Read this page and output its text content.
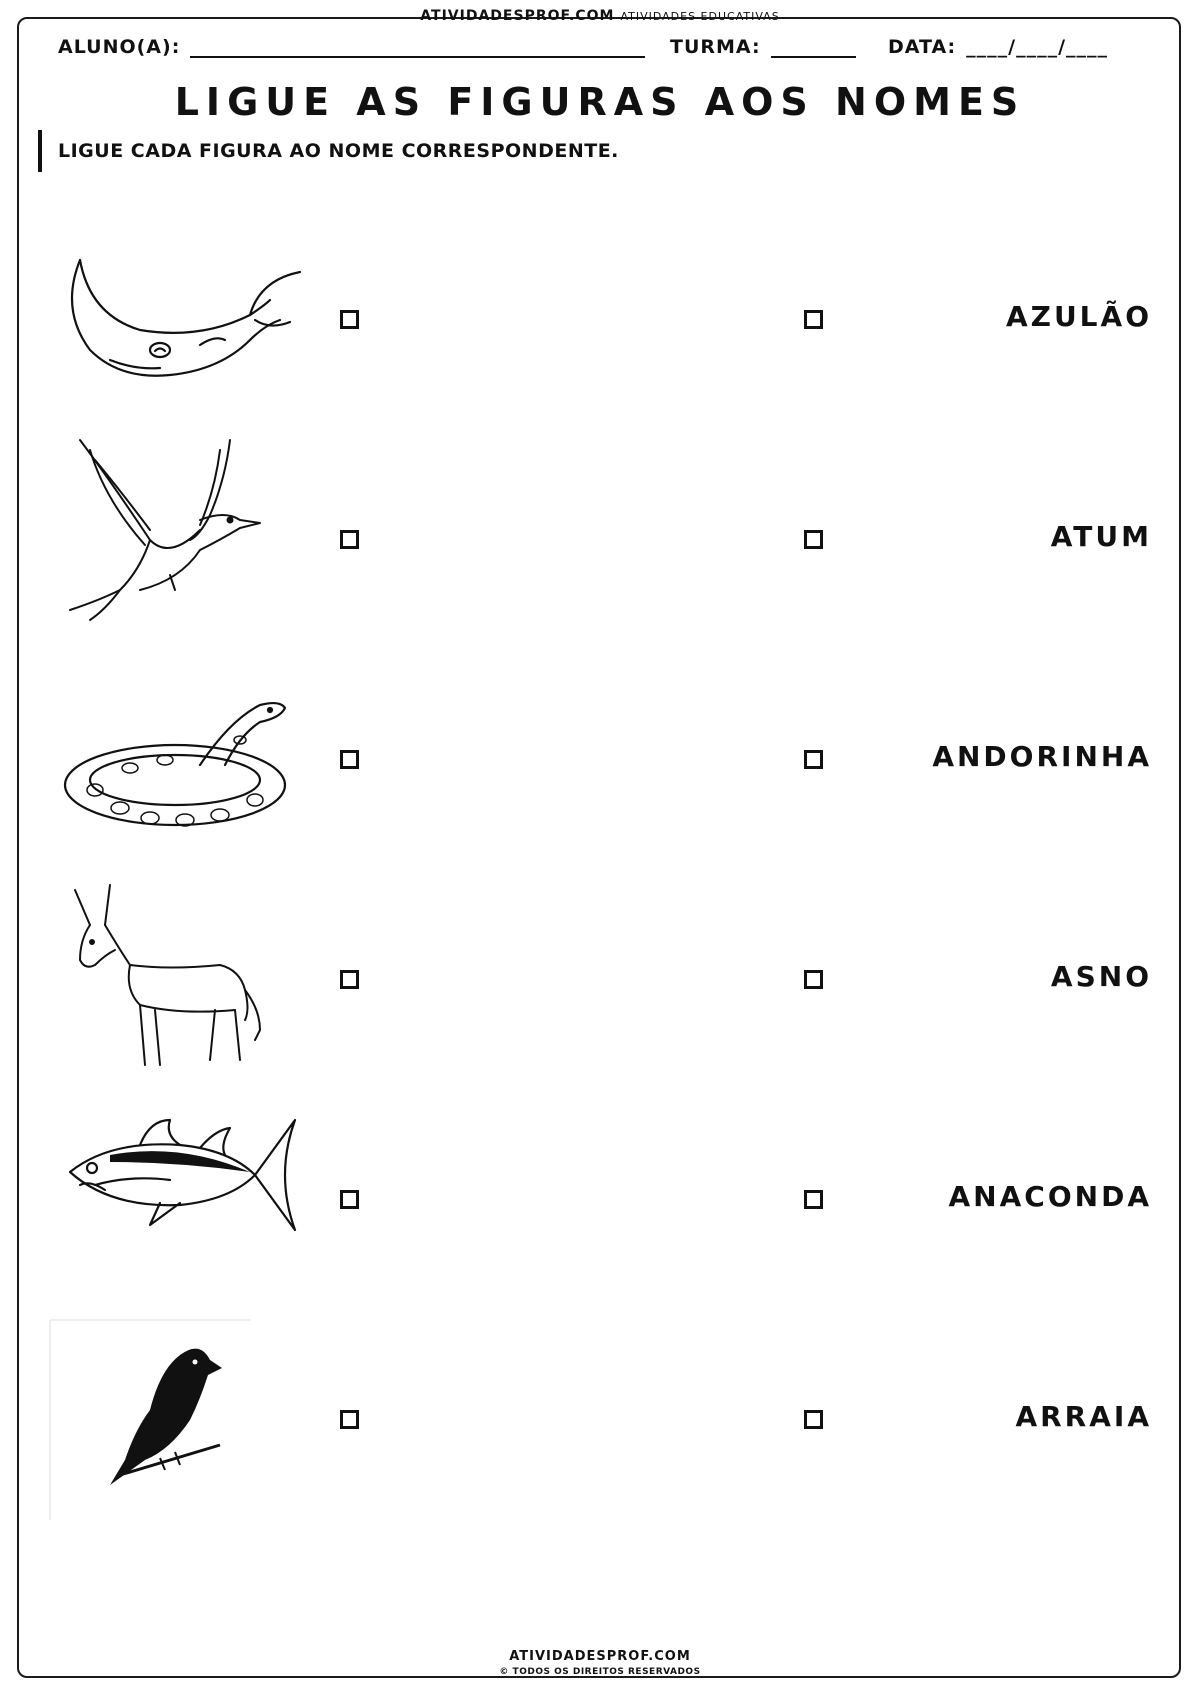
ATIVIDADESPROF.COM ATIVIDADES EDUCATIVAS
ALUNO(A):	TURMA:	DATA: ____/____/____
LIGUE AS FIGURAS AOS NOMES
LIGUE CADA FIGURA AO NOME CORRESPONDENTE.
AZULÃO
ATUM
ANDORINHA
ASNO
ANACONDA
ARRAIA
ATIVIDADESPROF.COM
© TODOS OS DIREITOS RESERVADOS
